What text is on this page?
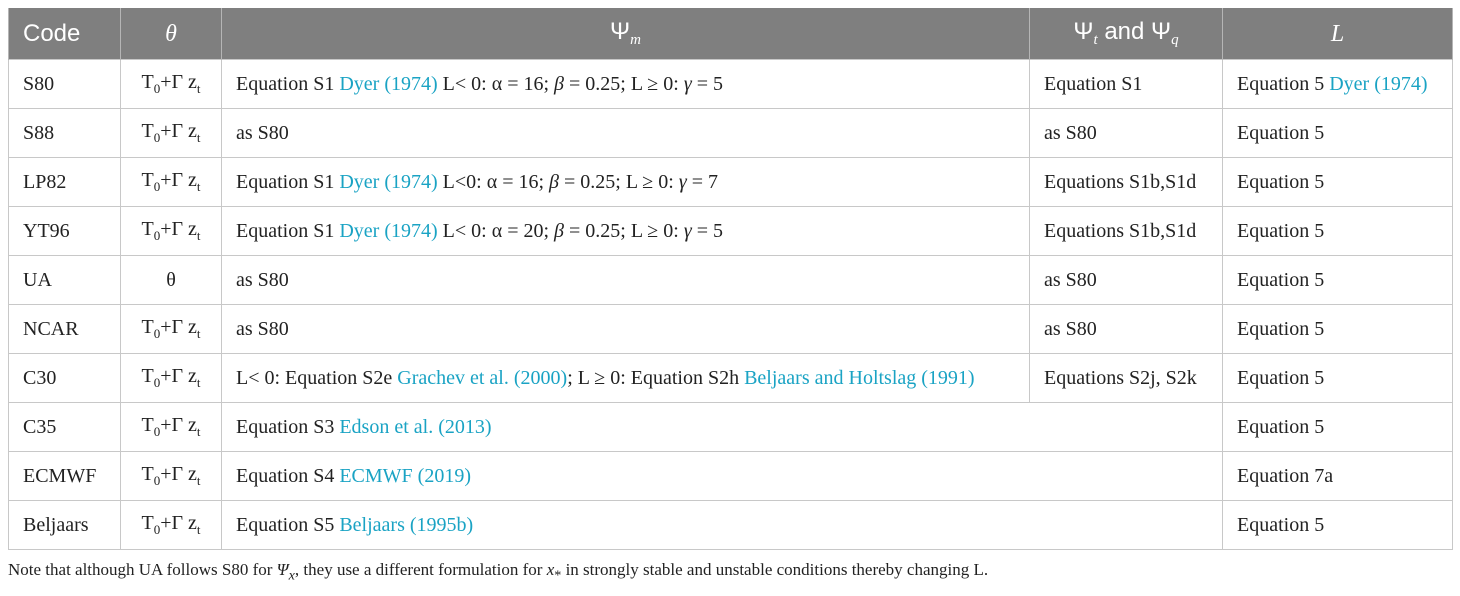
Code	θ	$\Psi_m$	$\Psi_t$ and $\Psi_q$	L
S80	$T_0+\Gamma$ $z_t$	Equation S1 Dyer (1974) L< 0: α = 16; β = 0.25; L ≥ 0: γ = 5	Equation S1	Equation 5 Dyer (1974)
S88	$T_0+\Gamma$ $z_t$	as S80	as S80	Equation 5
LP82	$T_0+\Gamma$ $z_t$	Equation S1 Dyer (1974) L<0: α = 16; β = 0.25; L ≥ 0: γ = 7	Equations S1b,S1d	Equation 5
YT96	$T_0+\Gamma$ $z_t$	Equation S1 Dyer (1974) L< 0: α = 20; β = 0.25; L ≥ 0: γ = 5	Equations S1b,S1d	Equation 5
UA	θ	as S80	as S80	Equation 5
NCAR	$T_0+\Gamma$ $z_t$	as S80	as S80	Equation 5
C30	$T_0+\Gamma$ $z_t$	L< 0: Equation S2e Grachev et al. (2000); L ≥ 0: Equation S2h Beljaars and Holtslag (1991)	Equations S2j, S2k	Equation 5
C35	$T_0+\Gamma$ $z_t$	Equation S3 Edson et al. (2013)		Equation 5
ECMWF	$T_0+\Gamma$ $z_t$	Equation S4 ECMWF (2019)		Equation 7a
Beljaars	$T_0+\Gamma$ $z_t$	Equation S5 Beljaars (1995b)		Equation 5
Note that although UA follows S80 for $\Psi_x$, they use a different formulation for $x_*$ in strongly stable and unstable conditions thereby changing L.
